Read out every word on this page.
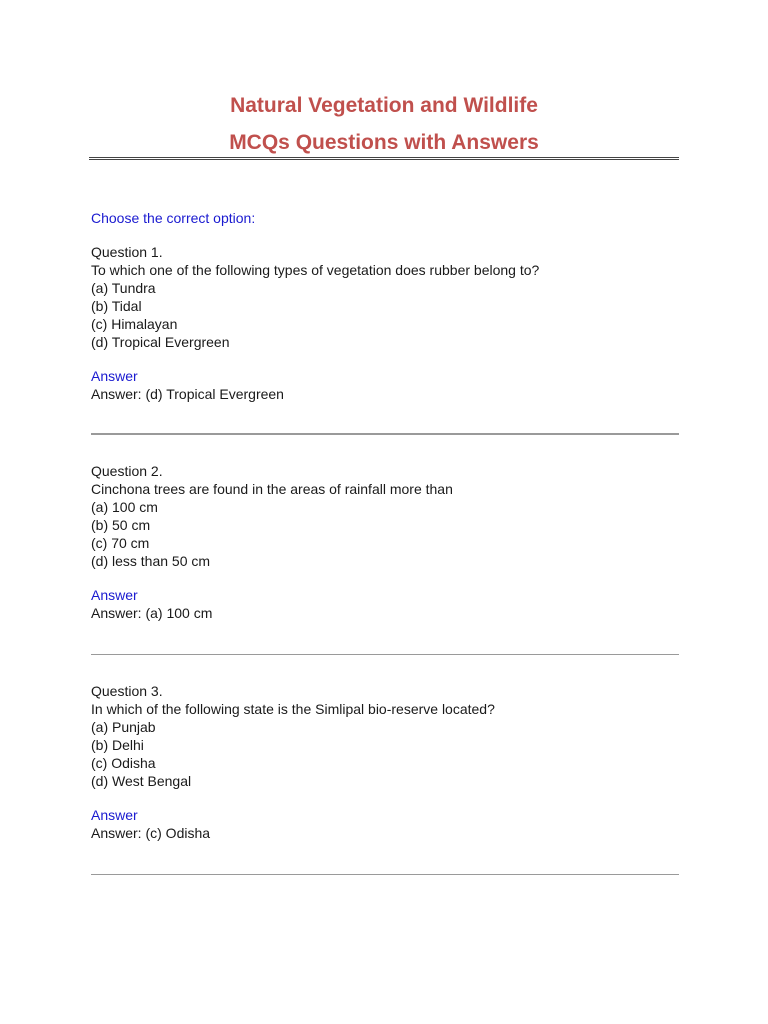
Natural Vegetation and Wildlife
MCQs Questions with Answers
Choose the correct option:
Question 1.
To which one of the following types of vegetation does rubber belong to?
(a) Tundra
(b) Tidal
(c) Himalayan
(d) Tropical Evergreen
Answer
Answer: (d) Tropical Evergreen
Question 2.
Cinchona trees are found in the areas of rainfall more than
(a) 100 cm
(b) 50 cm
(c) 70 cm
(d) less than 50 cm
Answer
Answer: (a) 100 cm
Question 3.
In which of the following state is the Simlipal bio-reserve located?
(a) Punjab
(b) Delhi
(c) Odisha
(d) West Bengal
Answer
Answer: (c) Odisha
